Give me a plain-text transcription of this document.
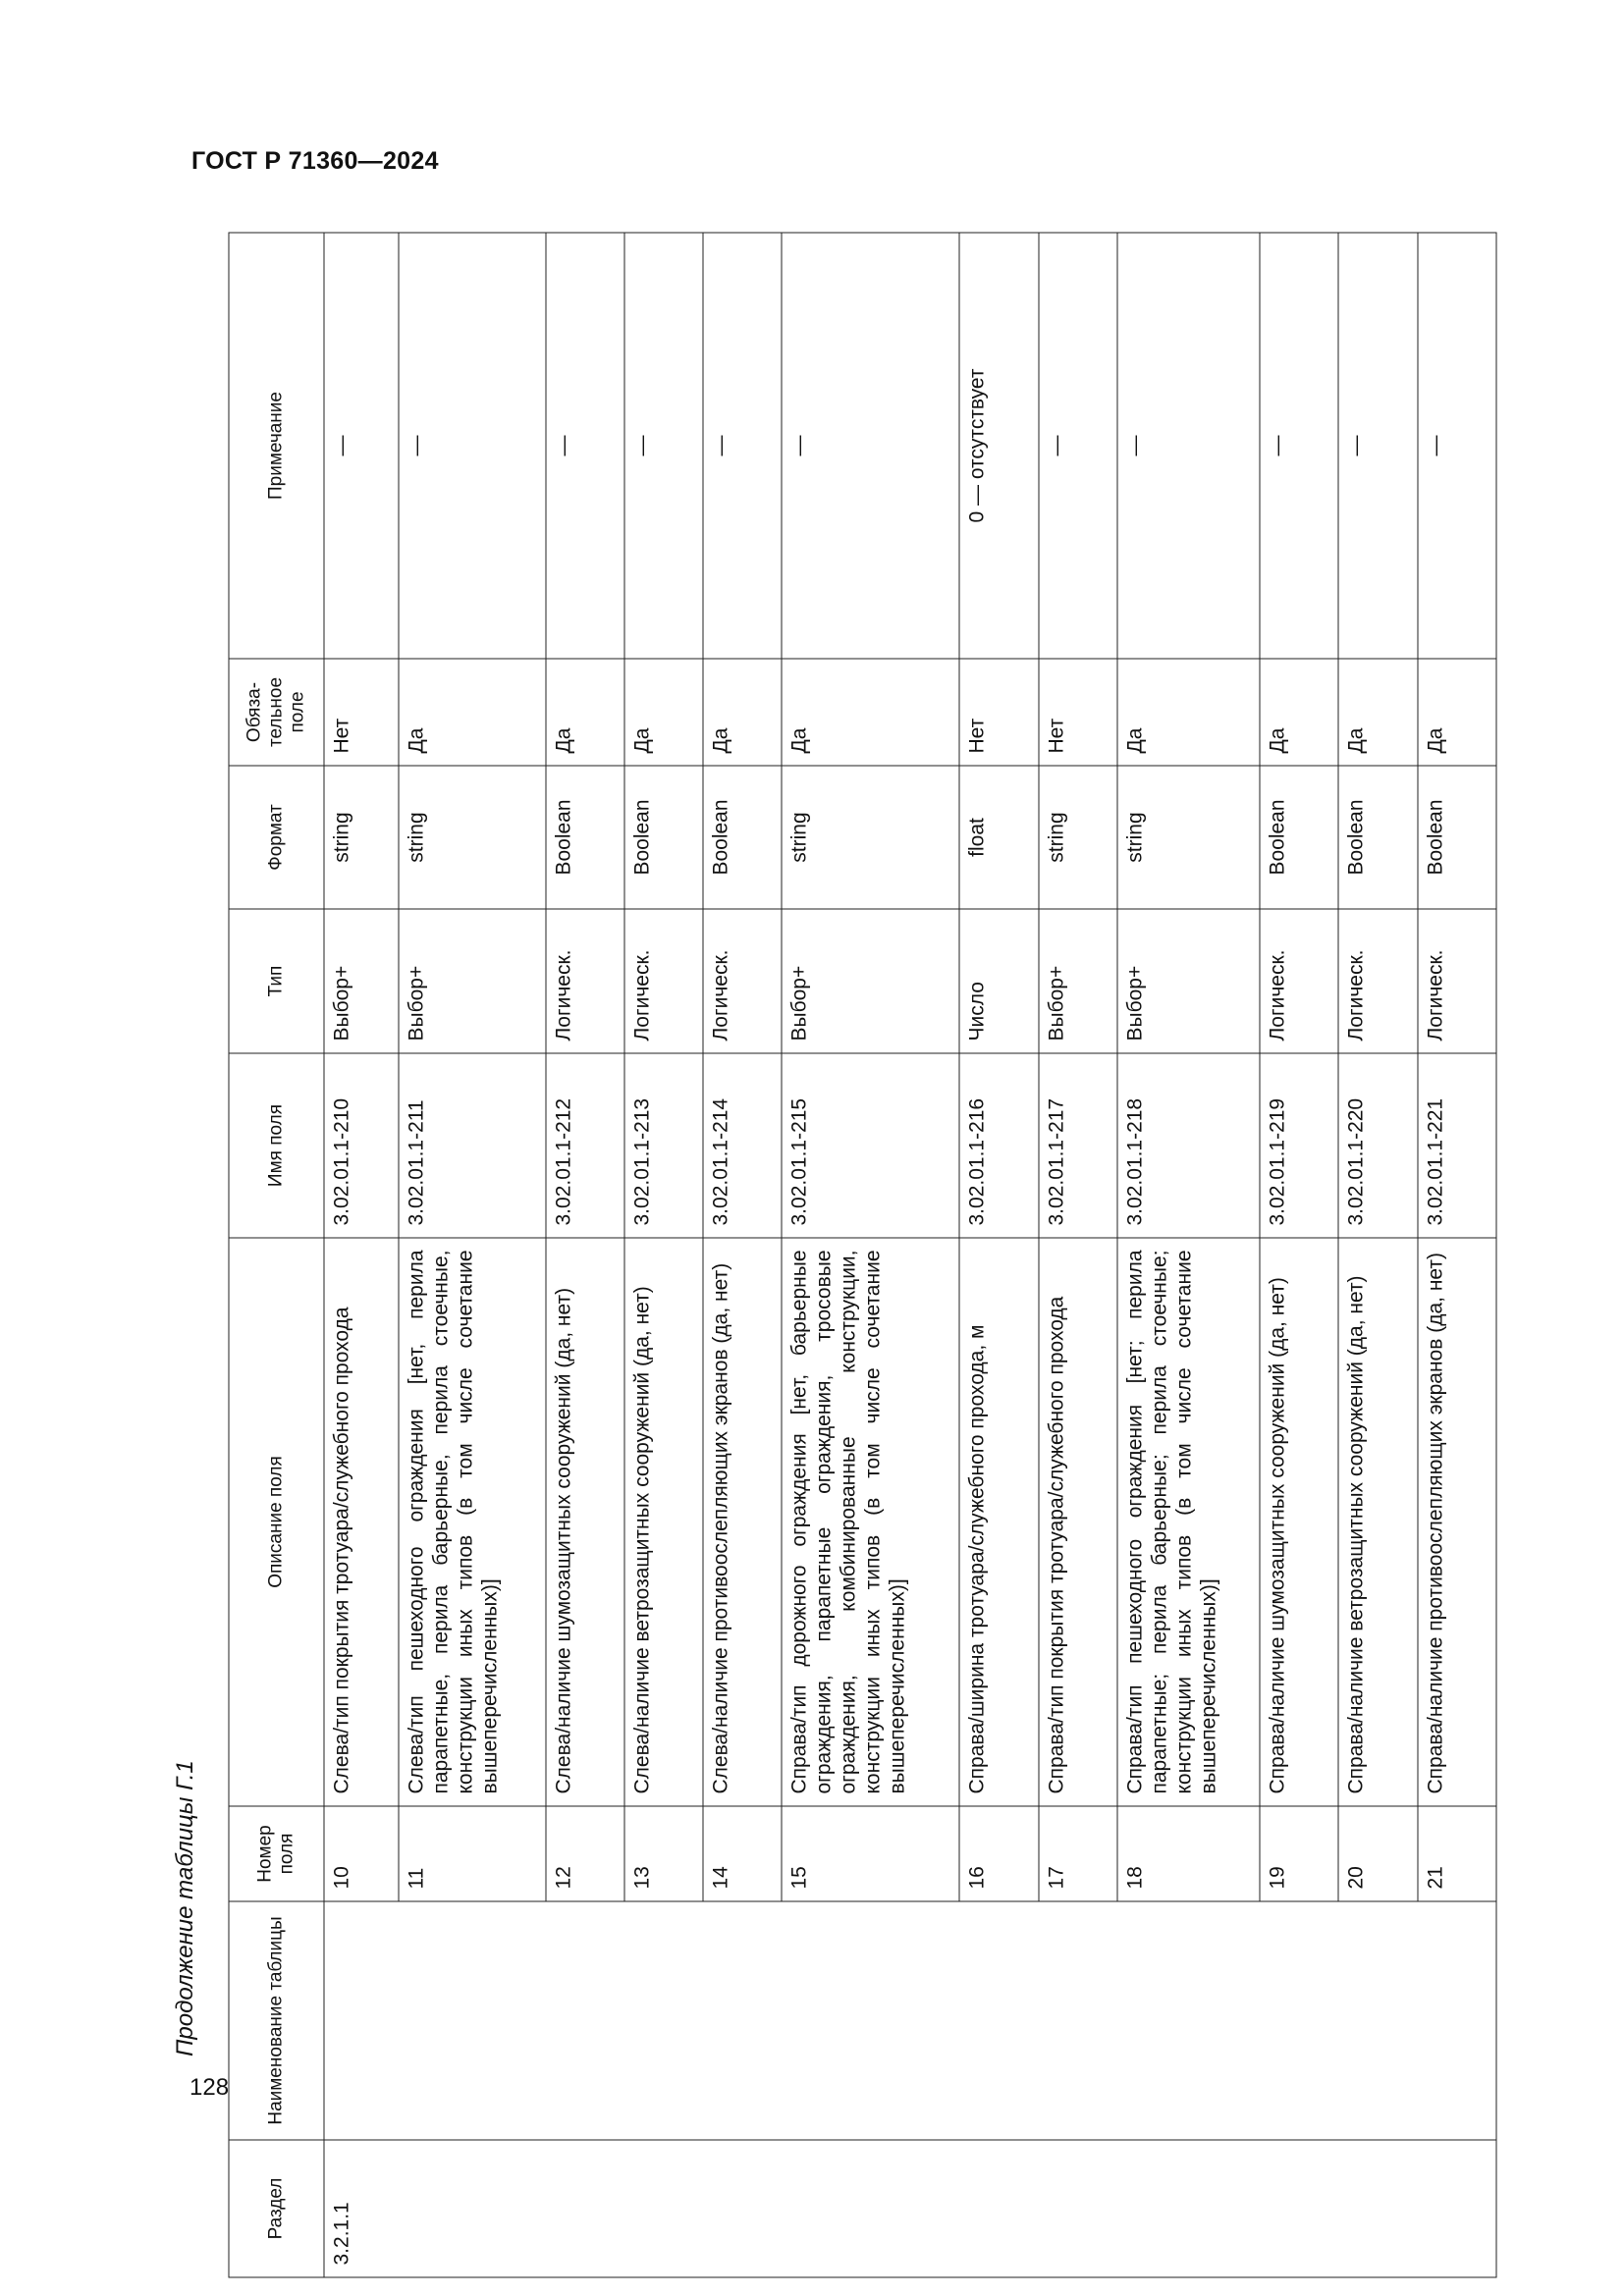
ГОСТ Р 71360—2024
Продолжение таблицы Г.1
128
Раздел	Наименование таблицы	Номер поля	Описание поля	Имя поля	Тип	Формат	Обязательное поле	Примечание
3.2.1.1		10	Слева/тип покрытия тротуара/служебного прохода	3.02.01.1-210	Выбор+	string	Нет	—
		11	Слева/тип пешеходного ограждения [нет, перила парапетные, перила барьерные, перила стоечные, конструкции иных типов (в том числе сочетание вышеперечисленных)]	3.02.01.1-211	Выбор+	string	Да	—
		12	Слева/наличие шумозащитных сооружений (да, нет)	3.02.01.1-212	Логическ.	Boolean	Да	—
		13	Слева/наличие ветрозащитных сооружений (да, нет)	3.02.01.1-213	Логическ.	Boolean	Да	—
		14	Слева/наличие противоослепляющих экранов (да, нет)	3.02.01.1-214	Логическ.	Boolean	Да	—
		15	Справа/тип дорожного ограждения [нет, барьерные ограждения, парапетные ограждения, тросовые ограждения, комбинированные конструкции, конструкции иных типов (в том числе сочетание вышеперечисленных)]	3.02.01.1-215	Выбор+	string	Да	—
		16	Справа/ширина тротуара/служебного прохода, м	3.02.01.1-216	Число	float	Нет	0 — отсутствует
		17	Справа/тип покрытия тротуара/служебного прохода	3.02.01.1-217	Выбор+	string	Нет	—
		18	Справа/тип пешеходного ограждения [нет; перила парапетные; перила барьерные; перила стоечные; конструкции иных типов (в том числе сочетание вышеперечисленных)]	3.02.01.1-218	Выбор+	string	Да	—
		19	Справа/наличие шумозащитных сооружений (да, нет)	3.02.01.1-219	Логическ.	Boolean	Да	—
		20	Справа/наличие ветрозащитных сооружений (да, нет)	3.02.01.1-220	Логическ.	Boolean	Да	—
		21	Справа/наличие противоослепляющих экранов (да, нет)	3.02.01.1-221	Логическ.	Boolean	Да	—
